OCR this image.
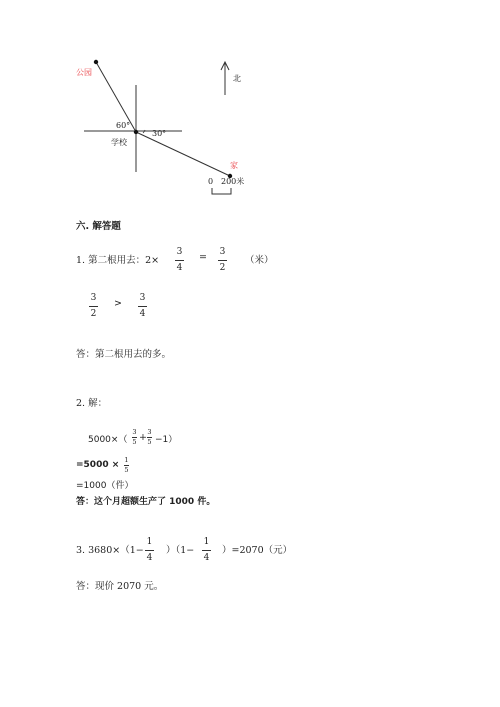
公园
北
60°
30°
学校
家
0 200米
六. 解答题
1. 第二根用去：2×
3
4
= 3
2
（米）
3
2
> 3
4
答：第二根用去的多。
2. 解：
5000×（
3
5 + 3
5 −1）
=5000 × 1
5
=1000（件）
答：这个月超额生产了 1000 件。
3. 3680×（1−
1
4
）（1−
1
4
）=2070（元）
答：现价 2070 元。
